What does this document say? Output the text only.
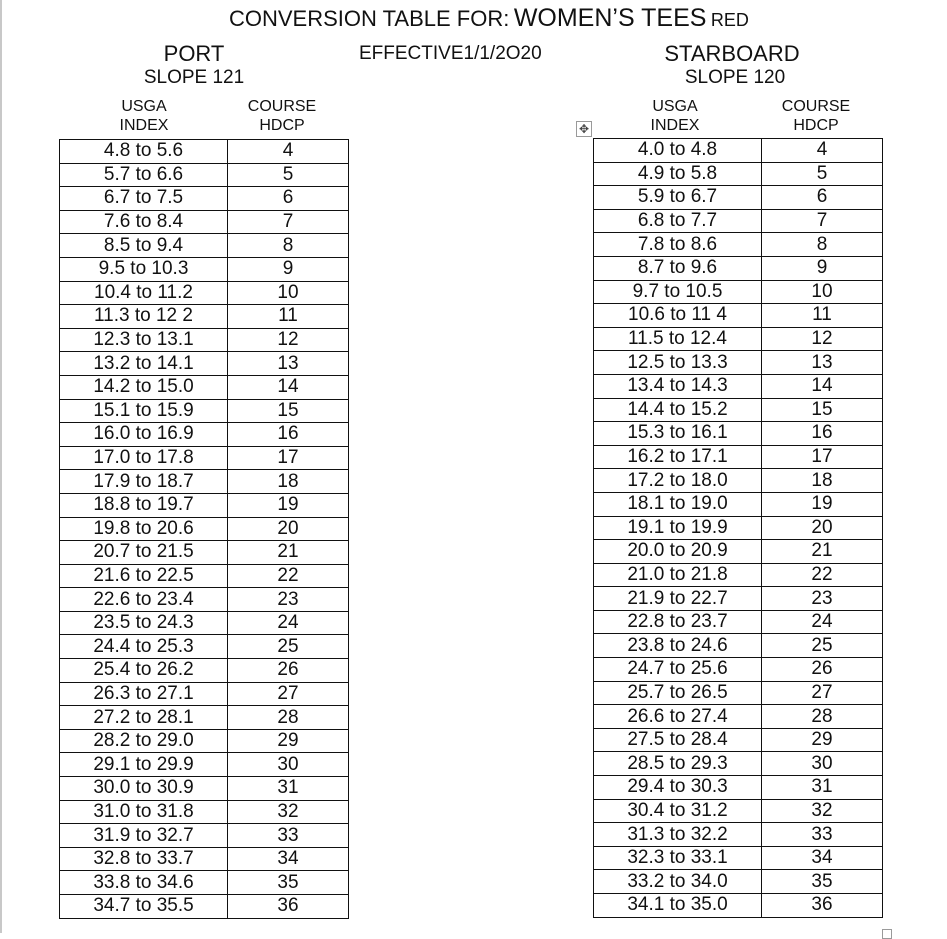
CONVERSION TABLE FOR: WOMEN’S TEES RED
PORT
SLOPE 121
USGA
INDEX
COURSE
HDCP
EFFECTIVE1/1/2O20	STARBOARD
SLOPE 120
USGA
INDEX
COURSE
HDCP
✥
4.8 to 5.6	4
5.7 to 6.6	5
6.7 to 7.5	6
7.6 to 8.4	7
8.5 to 9.4	8
9.5 to 10.3	9
10.4 to 11.2	10
11.3 to 12 2	11
12.3 to 13.1	12
13.2 to 14.1	13
14.2 to 15.0	14
15.1 to 15.9	15
16.0 to 16.9	16
17.0 to 17.8	17
17.9 to 18.7	18
18.8 to 19.7	19
19.8 to 20.6	20
20.7 to 21.5	21
21.6 to 22.5	22
22.6 to 23.4	23
23.5 to 24.3	24
24.4 to 25.3	25
25.4 to 26.2	26
26.3 to 27.1	27
27.2 to 28.1	28
28.2 to 29.0	29
29.1 to 29.9	30
30.0 to 30.9	31
31.0 to 31.8	32
31.9 to 32.7	33
32.8 to 33.7	34
33.8 to 34.6	35
34.7 to 35.5	36
4.0 to 4.8	4
4.9 to 5.8	5
5.9 to 6.7	6
6.8 to 7.7	7
7.8 to 8.6	8
8.7 to 9.6	9
9.7 to 10.5	10
10.6 to 11 4	11
11.5 to 12.4	12
12.5 to 13.3	13
13.4 to 14.3	14
14.4 to 15.2	15
15.3 to 16.1	16
16.2 to 17.1	17
17.2 to 18.0	18
18.1 to 19.0	19
19.1 to 19.9	20
20.0 to 20.9	21
21.0 to 21.8	22
21.9 to 22.7	23
22.8 to 23.7	24
23.8 to 24.6	25
24.7 to 25.6	26
25.7 to 26.5	27
26.6 to 27.4	28
27.5 to 28.4	29
28.5 to 29.3	30
29.4 to 30.3	31
30.4 to 31.2	32
31.3 to 32.2	33
32.3 to 33.1	34
33.2 to 34.0	35
34.1 to 35.0	36
